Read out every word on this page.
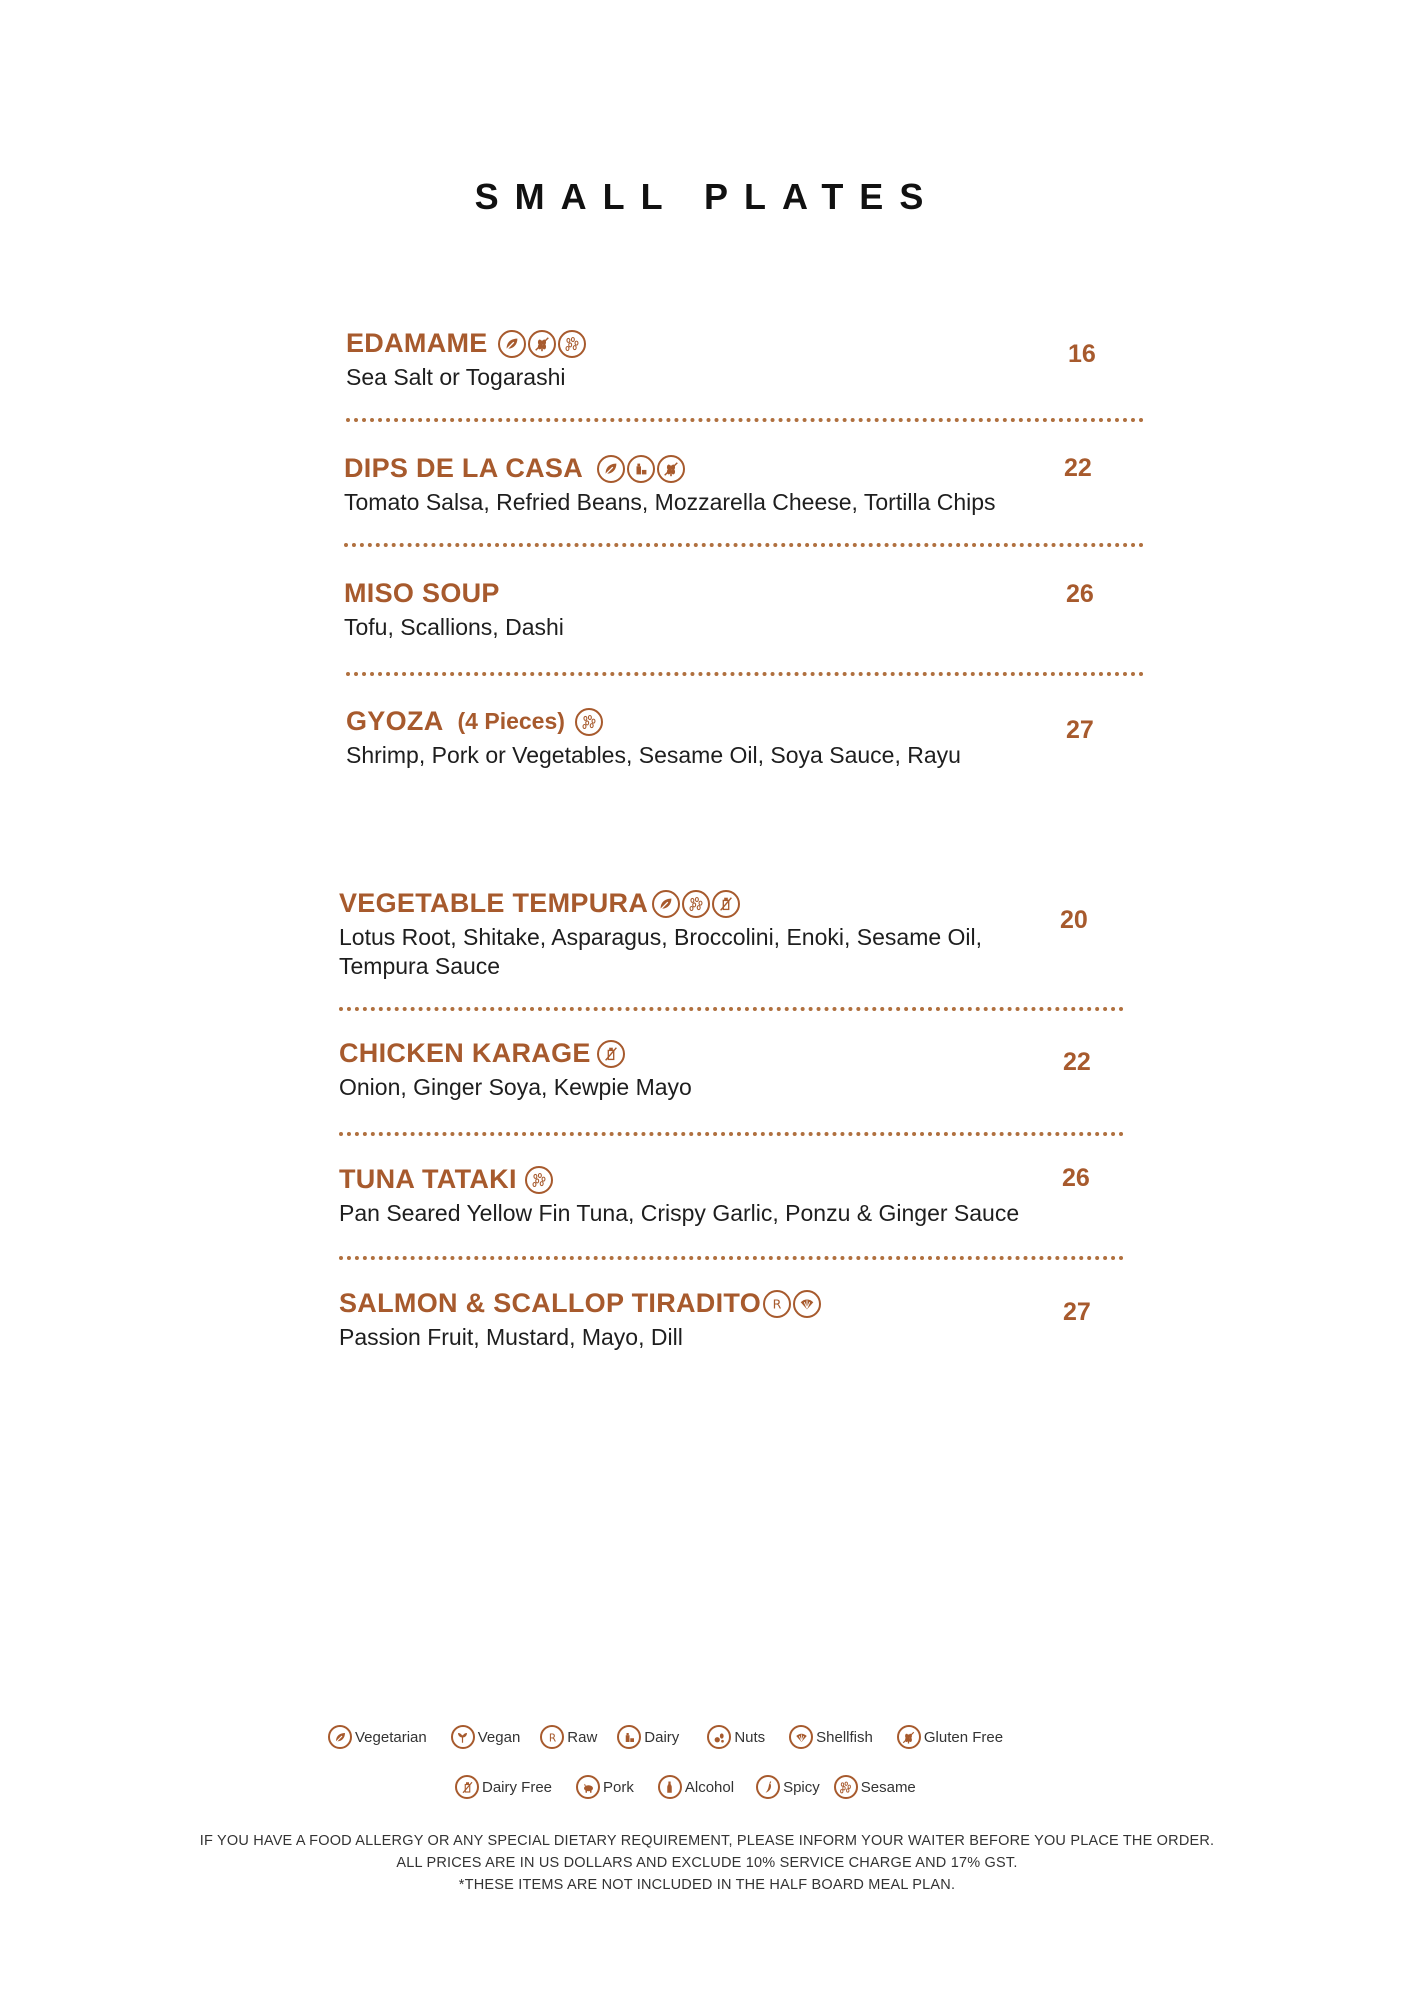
SMALL PLATES
EDAMAME
Sea Salt or Togarashi
16
DIPS DE LA CASA
Tomato Salsa, Refried Beans, Mozzarella Cheese, Tortilla Chips
22
MISO SOUP
Tofu, Scallions, Dashi
26
GYOZA (4 Pieces)
Shrimp, Pork or Vegetables, Sesame Oil, Soya Sauce, Rayu
27
VEGETABLE TEMPURA
Lotus Root, Shitake, Asparagus, Broccolini, Enoki, Sesame Oil,
Tempura Sauce
20
CHICKEN KARAGE
Onion, Ginger Soya, Kewpie Mayo
22
TUNA TATAKI
Pan Seared Yellow Fin Tuna, Crispy Garlic, Ponzu & Ginger Sauce
26
SALMON & SCALLOP TIRADITO R
Passion Fruit, Mustard, Mayo, Dill
27
Vegetarian	Vegan R Raw	Dairy	Nuts	Shellfish	Gluten Free
Dairy Free	Pork	Alcohol	Spicy	Sesame
IF YOU HAVE A FOOD ALLERGY OR ANY SPECIAL DIETARY REQUIREMENT, PLEASE INFORM YOUR WAITER BEFORE YOU PLACE THE ORDER.
ALL PRICES ARE IN US DOLLARS AND EXCLUDE 10% SERVICE CHARGE AND 17% GST.
*THESE ITEMS ARE NOT INCLUDED IN THE HALF BOARD MEAL PLAN.
